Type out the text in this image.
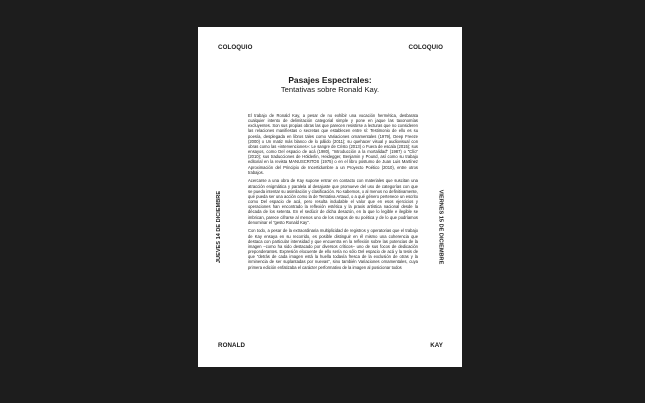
COLOQUIO	COLOQUIO
RONALD	KAY
JUEVES 14 DE DICIEMBRE	VIERNES 15 DE DICIEMBRE
Pasajes Espectrales:
Tentativas sobre Ronald Kay.

El trabajo de Ronald Kay, a pesar de no exhibir una vocación hermética, desbarata cualquier intento de delimitación categorial simple y pone en jaque las taxonomías excluyentes. Son sus propias obras las que parecen resistirse a lecturas que no consideren las relaciones manifiestas o secretas que establecen entre sí: Testimonio de ello es su poesía, desplegada en libros tales como Variaciones ornamentales (1979), Deep Freeze (2000) o Un matiz más blanco de lo pálido (2011); su quehacer visual y audiovisual con obras como las «intervenciones»: Le sangre de Cristo (2013) o Fuera de escala (2015); sus ensayos, como Del espacio de acá (1980), "Introducción a la mortalidad" (1987) o "Clío" (2010); sus traducciones de Hölderlin, Heidegger, Benjamin y Pound, así como su trabajo editorial en la revista MANUSCRITOS (1975) o en el libro póstumo de Juan Luis Martínez Aproximación del Principio de Incertidumbre a un Proyecto Poético (2010), entre otros trabajos.

Acercarse a una obra de Kay supone entrar en contacto con materiales que suscitan una atracción enigmática y paralela al desajuste que promueve del uso de categorías con que se pueda intentar su asimilación y clasificación. No sabemos, o al menos no definitivamente, qué pueda ser una acción como la de Tentativa Artaud, o a qué género pertenece un escrito como Del espacio de acá, pero resulta indudable el valor que en esos ejercicios y operaciones han encontrado la reflexión estética y la praxis artística nacional desde la década de los setenta. En el sedúcir de dicha desazón, en la que lo legible e ilegible se imbrican, parece cifrarse al menos uno de los rasgos de su poética y de lo que podríamos denominar el "gesto Ronald Kay".

Con todo, a pesar de la extraordinaria multiplicidad de registros y operatorias que el trabajo de Kay ensaya en su recorrido, es posible distinguir en él mismo una coherencia que destaca con particular intensidad y que encuentra en la reflexión sobre las potencias de la imagen –como ha sido destacado por diversos críticos– uno de sus focos de dedicación preponderantes. Expresión elocuente de ello sería no sólo Del espacio de acá y la tesis de que "detrás de cada imagen está la huella todavía fresca de la exclusión de otras y la inminencia de ser suplantadas por nuevas", sino también Variaciones ornamentales, cuya primera edición enfatizaba el carácter performativo de la imagen al posicionar todos
